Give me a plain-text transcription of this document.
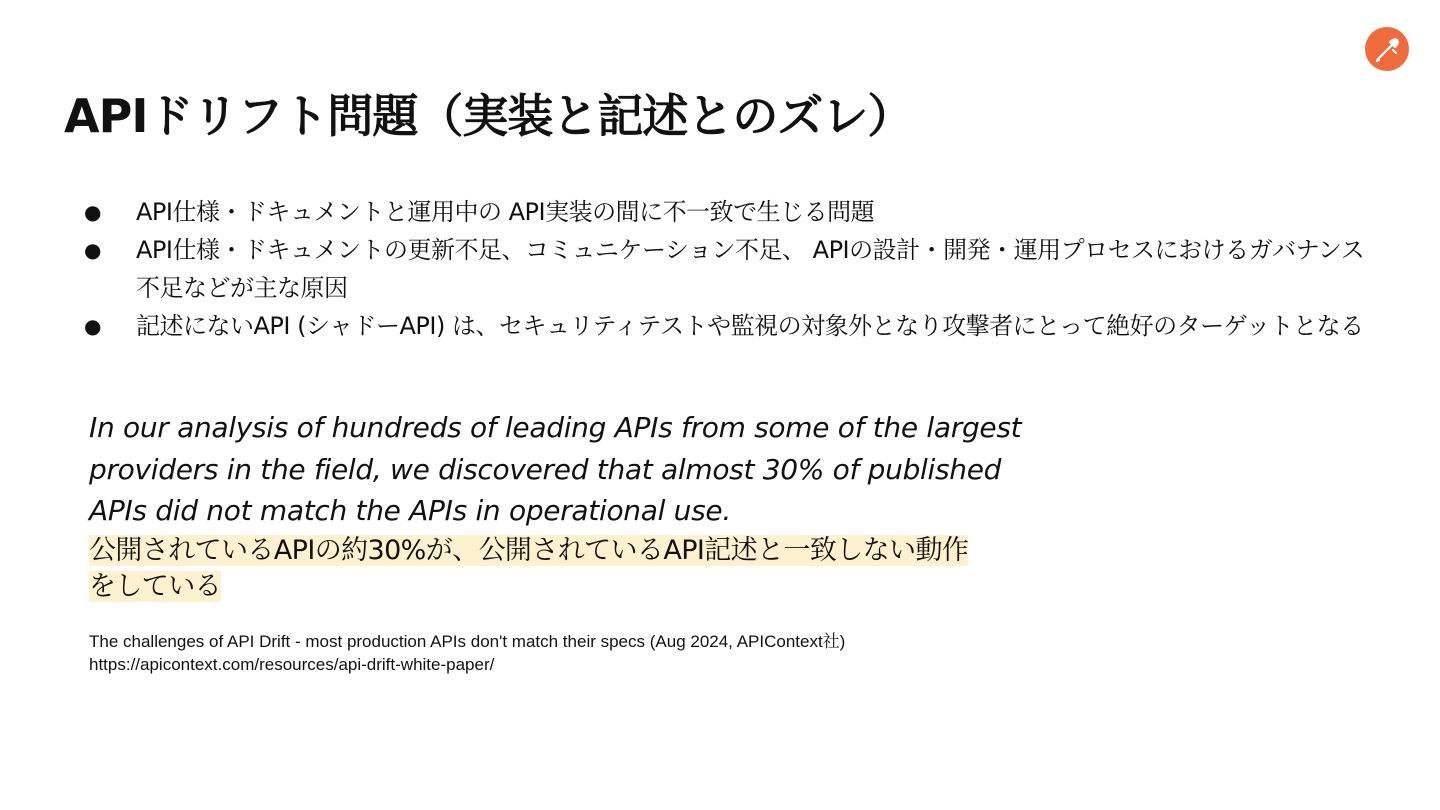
APIドリフト問題（実装と記述とのズレ）
● API仕様・ドキュメントと運用中の API実装の間に不一致で生じる問題
● API仕様・ドキュメントの更新不足、コミュニケーション不足、 APIの設計・開発・運用プロセスにおけるガバナンス不足などが主な原因
● 記述にないAPI (シャドーAPI) は、セキュリティテストや監視の対象外となり攻撃者にとって絶好のターゲットとなる

In our analysis of hundreds of leading APIs from some of the largest providers in the field, we discovered that almost 30% of published APIs did not match the APIs in operational use.

公開されているAPIの約30%が、公開されているAPI記述と一致しない動作をしている

The challenges of API Drift - most production APIs don't match their specs (Aug 2024, APIContext社)
https://apicontext.com/resources/api-drift-white-paper/
